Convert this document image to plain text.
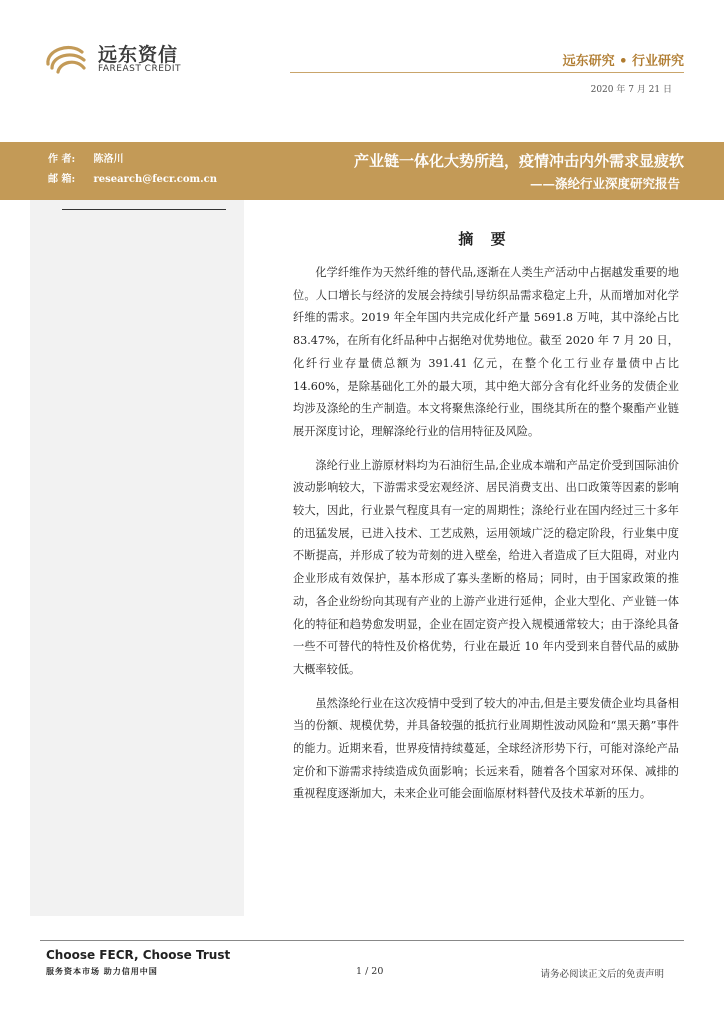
远东资信
FAREAST CREDIT	远东研究 • 行业研究
2020 年 7 月 21 日
作 者: 陈洛川
邮 箱: research@fecr.com.cn
产业链一体化大势所趋，疫情冲击内外需求显疲软
——涤纶行业深度研究报告
摘 要

化学纤维作为天然纤维的替代品,逐渐在人类生产活动中占据越发重要的地位。人口增长与经济的发展会持续引导纺织品需求稳定上升，从而增加对化学纤维的需求。2019 年全年国内共完成化纤产量 5691.8 万吨，其中涤纶占比 83.47%，在所有化纤品种中占据绝对优势地位。截至 2020 年 7 月 20 日，化纤行业存量债总额为 391.41 亿元，在整个化工行业存量债中占比 14.60%，是除基础化工外的最大项，其中绝大部分含有化纤业务的发债企业均涉及涤纶的生产制造。本文将聚焦涤纶行业，围绕其所在的整个聚酯产业链展开深度讨论，理解涤纶行业的信用特征及风险。

涤纶行业上游原材料均为石油衍生品,企业成本端和产品定价受到国际油价波动影响较大，下游需求受宏观经济、居民消费支出、出口政策等因素的影响较大，因此，行业景气程度具有一定的周期性；涤纶行业在国内经过三十多年的迅猛发展，已进入技术、工艺成熟，运用领域广泛的稳定阶段，行业集中度不断提高，并形成了较为苛刻的进入壁垒，给进入者造成了巨大阻碍，对业内企业形成有效保护，基本形成了寡头垄断的格局；同时，由于国家政策的推动，各企业纷纷向其现有产业的上游产业进行延伸，企业大型化、产业链一体化的特征和趋势愈发明显，企业在固定资产投入规模通常较大；由于涤纶具备一些不可替代的特性及价格优势，行业在最近 10 年内受到来自替代品的威胁大概率较低。

虽然涤纶行业在这次疫情中受到了较大的冲击,但是主要发债企业均具备相当的份额、规模优势，并具备较强的抵抗行业周期性波动风险和“黑天鹅”事件的能力。近期来看，世界疫情持续蔓延，全球经济形势下行，可能对涤纶产品定价和下游需求持续造成负面影响；长远来看，随着各个国家对环保、减排的重视程度逐渐加大，未来企业可能会面临原材料替代及技术革新的压力。

Choose FECR, Choose Trust
服务资本市场 助力信用中国	1 / 20	请务必阅读正文后的免责声明
